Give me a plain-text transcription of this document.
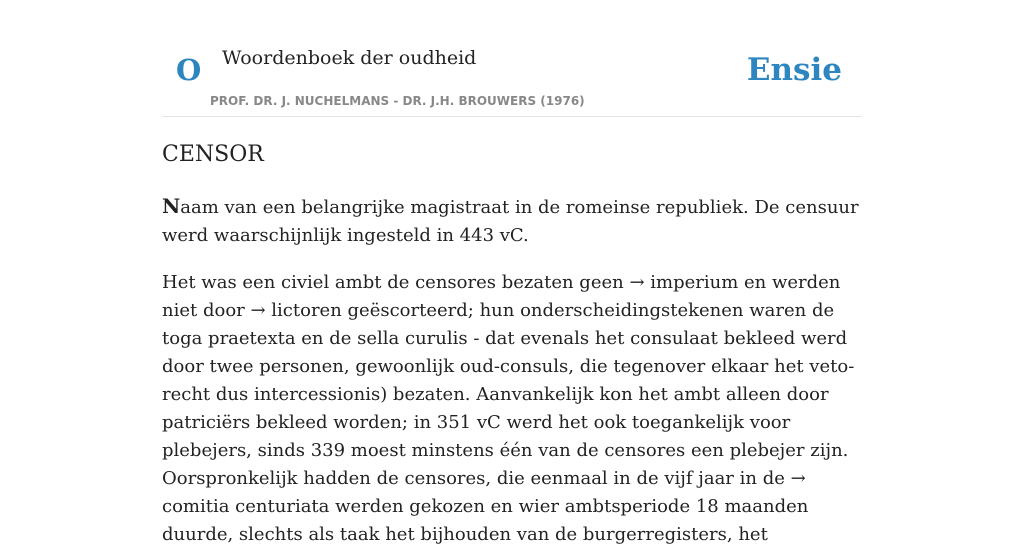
O Woordenboek der oudheid
PROF. DR. J. NUCHELMANS - DR. J.H. BROUWERS (1976)
Ensie
CENSOR

Naam van een belangrijke magistraat in de romeinse republiek. De censuur werd waarschijnlijk ingesteld in 443 vC.

Het was een civiel ambt de censores bezaten geen → imperium en werden niet door → lictoren geëscorteerd; hun onderscheidingstekenen waren de toga praetexta en de sella curulis - dat evenals het consulaat bekleed werd door twee personen, gewoonlijk oud-consuls, die tegenover elkaar het veto-recht dus intercessionis) bezaten. Aanvankelijk kon het ambt alleen door patriciërs bekleed worden; in 351 vC werd het ook toegankelijk voor plebejers, sinds 339 moest minstens één van de censores een plebejer zijn. Oorspronkelijk hadden de censores, die eenmaal in de vijf jaar in de → comitia centuriata werden gekozen en wier ambtsperiode 18 maanden duurde, slechts als taak het bijhouden van de burgerregisters, het
